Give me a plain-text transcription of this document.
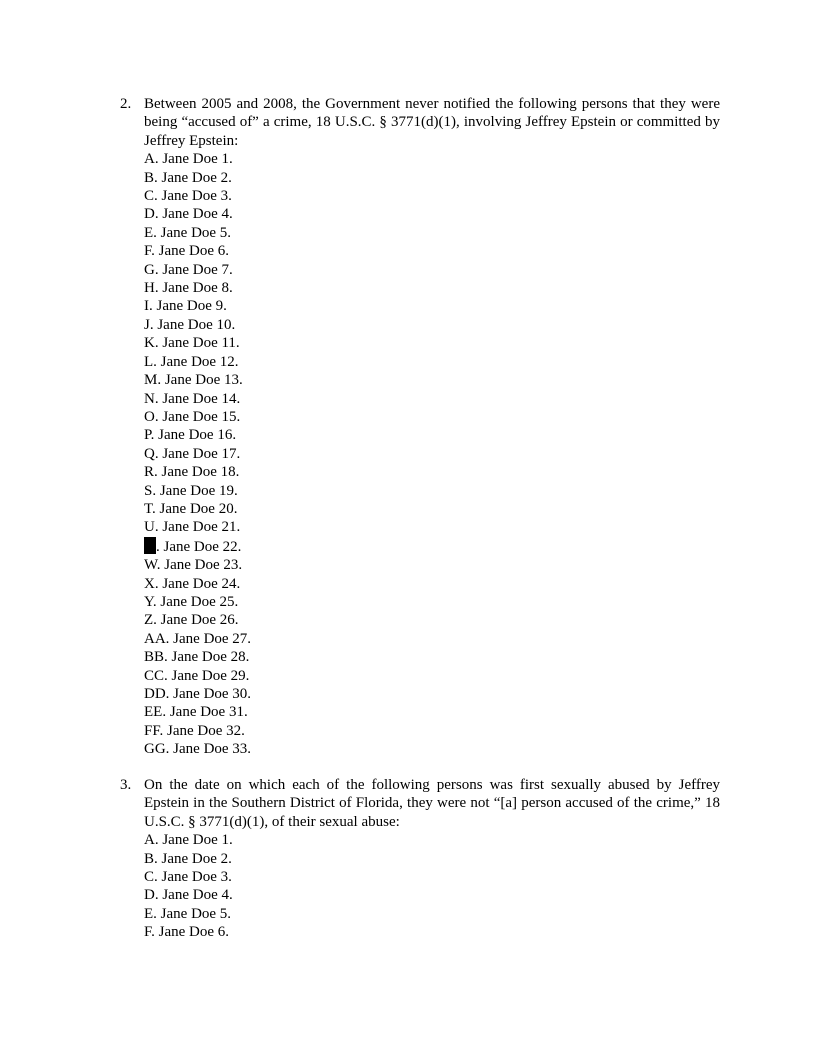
2. Between 2005 and 2008, the Government never notified the following persons that they were being “accused of” a crime, 18 U.S.C. § 3771(d)(1), involving Jeffrey Epstein or committed by Jeffrey Epstein:
A. Jane Doe 1.
B. Jane Doe 2.
C. Jane Doe 3.
D. Jane Doe 4.
E. Jane Doe 5.
F. Jane Doe 6.
G. Jane Doe 7.
H. Jane Doe 8.
I. Jane Doe 9.
J. Jane Doe 10.
K. Jane Doe 11.
L. Jane Doe 12.
M. Jane Doe 13.
N. Jane Doe 14.
O. Jane Doe 15.
P. Jane Doe 16.
Q. Jane Doe 17.
R. Jane Doe 18.
S. Jane Doe 19.
T. Jane Doe 20.
U. Jane Doe 21.
. Jane Doe 22.
W. Jane Doe 23.
X. Jane Doe 24.
Y. Jane Doe 25.
Z. Jane Doe 26.
AA. Jane Doe 27.
BB. Jane Doe 28.
CC. Jane Doe 29.
DD. Jane Doe 30.
EE. Jane Doe 31.
FF. Jane Doe 32.
GG. Jane Doe 33.
3. On the date on which each of the following persons was first sexually abused by Jeffrey Epstein in the Southern District of Florida, they were not “[a] person accused of the crime,” 18 U.S.C. § 3771(d)(1), of their sexual abuse:
A. Jane Doe 1.
B. Jane Doe 2.
C. Jane Doe 3.
D. Jane Doe 4.
E. Jane Doe 5.
F. Jane Doe 6.
